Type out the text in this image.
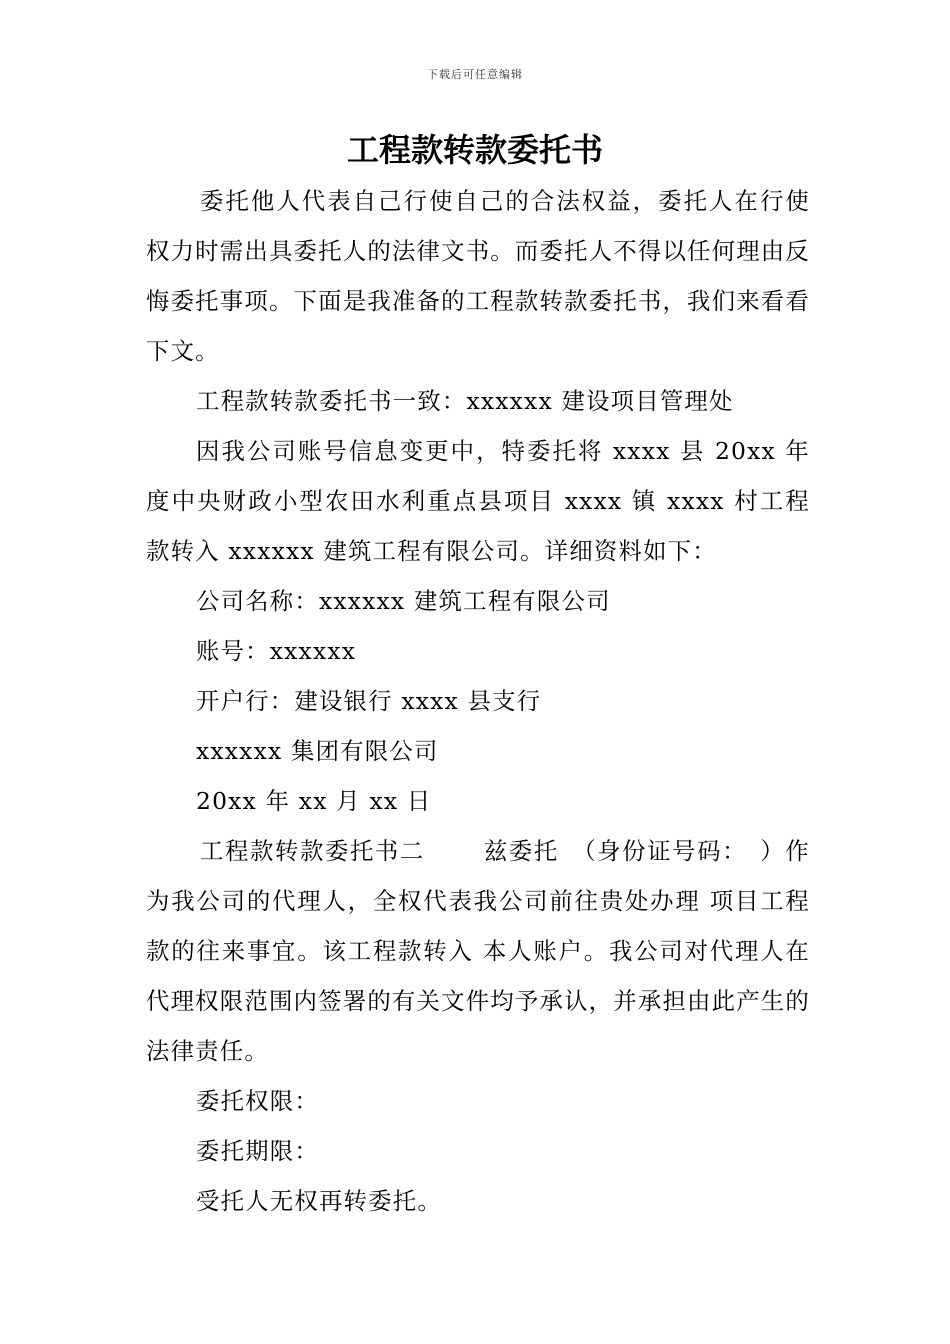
下载后可任意编辑
工程款转款委托书

委托他人代表自己行使自己的合法权益，委托人在行使权力时需出具委托人的法律文书。而委托人不得以任何理由反悔委托事项。下面是我准备的工程款转款委托书，我们来看看下文。

工程款转款委托书一致：xxxxxx 建设项目管理处

因我公司账号信息变更中，特委托将 xxxx 县 20xx 年度中央财政小型农田水利重点县项目 xxxx 镇 xxxx 村工程款转入 xxxxxx 建筑工程有限公司。详细资料如下：

公司名称：xxxxxx 建筑工程有限公司

账号：xxxxxx

开户行：建设银行 xxxx 县支行

xxxxxx 集团有限公司

20xx 年 xx 月 xx 日

工程款转款委托书二　　 兹委托　（身份证号码：　）作为我公司的代理人，全权代表我公司前往贵处办理 项目工程款的往来事宜。该工程款转入 本人账户。我公司对代理人在代理权限范围内签署的有关文件均予承认，并承担由此产生的法律责任。

委托权限：

委托期限：

受托人无权再转委托。
